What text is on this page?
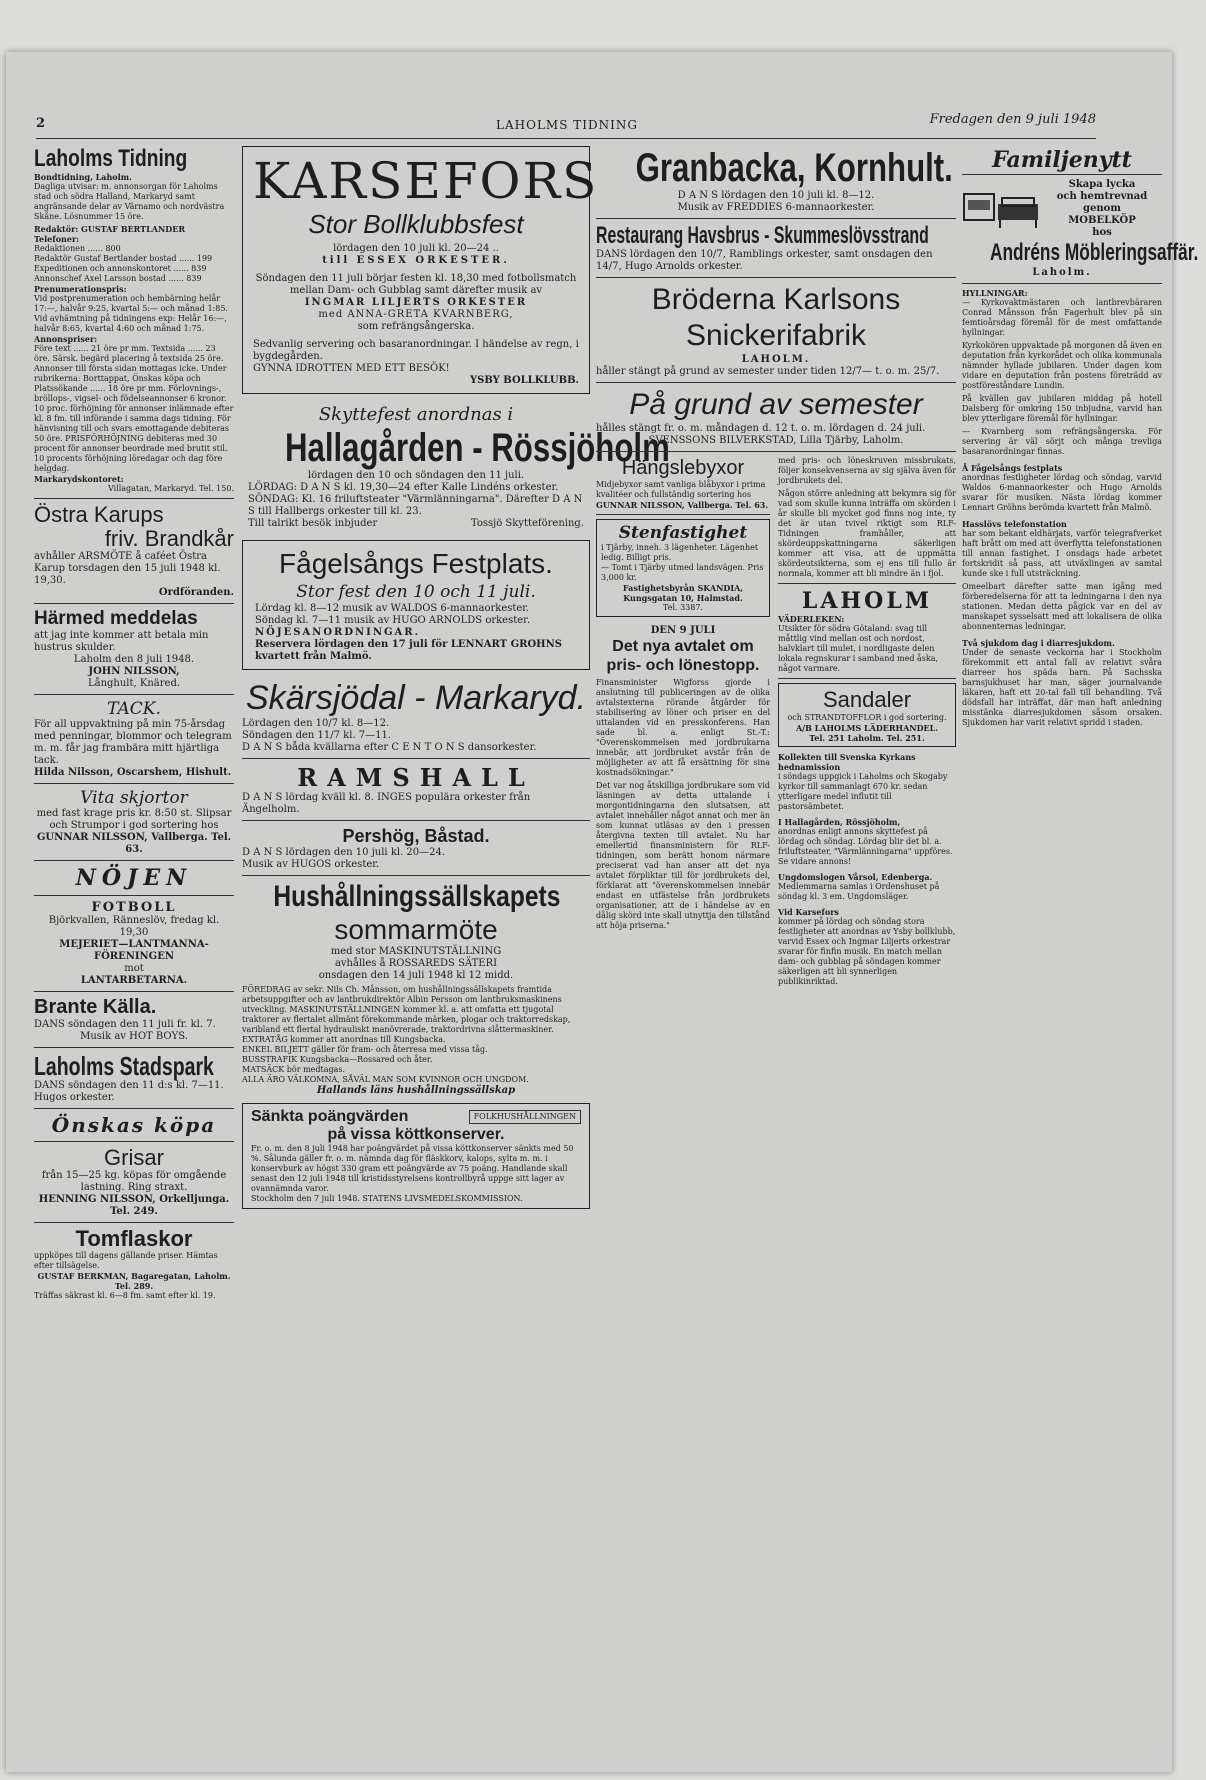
2	LAHOLMS TIDNING	Fredagen den 9 juli 1948
Laholms Tidning
Bondtidning, Laholm.
Dagliga utvisar: m. annonsorgan för Laholms stad och södra Halland, Markaryd samt angränsande delar av Värnamo och nordvästra Skåne. Lösnummer 15 öre.
Redaktör: GUSTAF BERTLANDER
Telefoner:
Redaktionen ...... 800
Redaktör Gustaf Bertlander bostad ...... 199
Expeditionen och annonskontoret ...... 839
Annonschef Axel Larsson bostad ...... 839
Prenumerationspris:
Vid postprenumeration och hembärning helår 17:—, halvår 9:25, kvartal 5:— och månad 1:85. Vid avhämtning på tidningens exp: Helår 16:—, halvår 8:65, kvartal 4:60 och månad 1:75.
Annonspriser:
Före text ...... 21 öre pr mm. Textsida ...... 23 öre. Särsk. begärd placering å textsida 25 öre. Annonser till första sidan mottagas icke. Under rubrikerna: Borttappat, Önskas köpa och Platssökande ...... 18 öre pr mm. Förlovnings-, bröllops-, vigsel- och födelseannonser 6 kronor. 10 proc. förhöjning för annonser inlämnade efter kl. 8 fm. till införande i samma dags tidning. För hänvisning till och svars emottagande debiteras 50 öre. PRISFÖRHÖJNING debiteras med 30 procent för annonser beordrade med brutit stil. 10 procents förhöjning löredagar och dag före helgdag.
Markarydskontoret:
Villagatan, Markaryd. Tel. 150.
Östra Karups
friv. Brandkår
avhåller ARSMÖTE å caféet Östra Karup torsdagen den 15 juli 1948 kl. 19,30.
Ordföranden.
Härmed meddelas
att jag inte kommer att betala min hustrus skulder.
Laholm den 8 juli 1948.
JOHN NILSSON,
Långhult, Knäred.
TACK.
För all uppvaktning på min 75-årsdag med penningar, blommor och telegram m. m. får jag frambära mitt hjärtliga tack.
Hilda Nilsson, Oscarshem, Hishult.
Vita skjortor
med fast krage pris kr. 8:50 st. Slipsar och Strumpor i god sortering hos
GUNNAR NILSSON, Vallberga. Tel. 63.
NÖJEN
FOTBOLL
Björkvallen, Ränneslöv, fredag kl. 19,30
MEJERIET—LANTMANNA-FÖRENINGEN
mot
LANTARBETARNA.
Brante Källa.
DANS söndagen den 11 juli fr. kl. 7.
Musik av HOT BOYS.
Laholms Stadspark
DANS söndagen den 11 d:s kl. 7—11. Hugos orkester.
Önskas köpa
Grisar
från 15—25 kg. köpas för omgående lastning. Ring straxt.
HENNING NILSSON, Orkelljunga. Tel. 249.
Tomflaskor
uppköpes till dagens gällande priser. Hämtas efter tillsägelse.
GUSTAF BERKMAN, Bagaregatan, Laholm. Tel. 289.
Träffas säkrast kl. 6—8 fm. samt efter kl. 19.
KARSEFORS
Stor Bollklubbsfest
lördagen den 10 juli kl. 20—24 ..
till ESSEX ORKESTER.
Söndagen den 11 juli börjar festen kl. 18,30 med fotbollsmatch mellan Dam- och Gubblag samt därefter musik av
INGMAR LILJERTS ORKESTER
med ANNA-GRETA KVARNBERG,
som refrängsångerska.
Sedvanlig servering och basaranordningar. I händelse av regn, i bygdegården.
GYNNA IDROTTEN MED ETT BESÖK!
YSBY BOLLKLUBB.
Skyttefest anordnas i
Hallagården - Rössjöholm
lördagen den 10 och söndagen den 11 juli.
LÖRDAG: D A N S kl. 19,30—24 efter Kalle Lindéns orkester.
SÖNDAG: Kl. 16 friluftsteater "Värmlänningarna". Därefter D A N S till Hallbergs orkester till kl. 23.
Till talrikt besök inbjuder	Tossjö Skytteförening.
Fågelsångs Festplats.
Stor fest den 10 och 11 juli.
Lördag kl. 8—12 musik av WALDOS 6-mannaorkester.
Söndag kl. 7—11 musik av HUGO ARNOLDS orkester.
NÖJESANORDNINGAR.
Reservera lördagen den 17 juli för LENNART GROHNS kvartett från Malmö.
Skärsjödal - Markaryd.
Lördagen den 10/7 kl. 8—12.
Söndagen den 11/7 kl. 7—11.
D A N S båda kvällarna efter C E N T O N S dansorkester.
RAMSHALL
D A N S lördag kväll kl. 8. INGES populära orkester från Ängelholm.
Pershög, Båstad.
D A N S lördagen den 10 juli kl. 20—24.
Musik av HUGOS orkester.
Hushållningssällskapets
sommarmöte
med stor MASKINUTSTÄLLNING
avhålles å ROSSAREDS SÄTERI
onsdagen den 14 juli 1948 kl 12 midd.
FÖREDRAG av sekr. Nils Ch. Månsson, om hushållningssällskapets framtida arbetsuppgifter och av lantbrukdirektör Albin Persson om lantbruksmaskinens utveckling. MASKINUTSTÄLLNINGEN kommer kl. a. att omfatta ett tjugotal traktorer av flertalet allmänt förekommande märken, plogar och traktorredskap, varibland ett flertal hydrauliskt manövrerade, traktordrivna slåttermaskiner. EXTRATÅG kommer att anordnas till Kungsbacka.
ENKEL BILJETT gäller för fram- och återresa med vissa tåg.
BUSSTRAFIK Kungsbacka—Rossared och åter.
MATSÄCK bör medtagas.
ALLA ÄRO VÄLKOMNA, SÅVÄL MAN SOM KVINNOR OCH UNGDOM.
Hallands läns hushållningssällskap
Sänkta poängvärden	FOLKHUSHÅLLNINGEN
på vissa köttkonserver.
Fr. o. m. den 8 juli 1948 har poängvärdet på vissa köttkonserver sänkts med 50 %. Sålunda gäller fr. o. m. nämnda dag för fläskkorv, kalops, sylta m. m. i konservburk av högst 330 gram ett poängvärde av 75 poäng. Handlande skall senast den 12 juli 1948 till kristidsstyrelsens kontrollbyrå uppge sitt lager av ovannämnda varor.
Stockholm den 7 juli 1948. STATENS LIVSMEDELSKOMMISSION.
Granbacka, Kornhult.
D A N S lördagen den 10 juli kl. 8—12.
Musik av FREDDIES 6-mannaorkester.
Restaurang Havsbrus - Skummeslövsstrand
DANS lördagen den 10/7, Ramblings orkester, samt onsdagen den 14/7, Hugo Arnolds orkester.
Bröderna Karlsons
Snickerifabrik
LAHOLM.
håller stängt på grund av semester under tiden 12/7— t. o. m. 25/7.
På grund av semester
hålles stängt fr. o. m. måndagen d. 12 t. o. m. lördagen d. 24 juli.
SVENSSONS BILVERKSTAD, Lilla Tjärby, Laholm.
Hängslebyxor
Midjebyxor samt vanliga blåbyxor i prima kvalitéer och fullständig sortering hos
GUNNAR NILSSON, Vallberga. Tel. 63.
Stenfastighet
i Tjärby, inneh. 3 lägenheter. Lägenhet ledig. Billigt pris.
— Tomt i Tjärby utmed landsvägen. Pris 3,000 kr.
Fastighetsbyrån SKANDIA,
Kungsgatan 10, Halmstad.
Tel. 3387.
DEN 9 JULI
Det nya avtalet om pris- och lönestopp.
Finansminister Wigforss gjorde i anslutning till publiceringen av de olika avtalstexterna rörande åtgärder för stabilisering av löner och priser en del uttalanden vid en presskonferens. Han sade bl. a. enligt St.-T.: "Överenskommelsen med jordbrukarna innebär, att jordbruket avstår från de möjligheter av att få ersättning för sina kostnadsökningar."
Det var nog åtskilliga jordbrukare som vid läsningen av detta uttalande i morgontidningarna den slutsatsen, att avtalet innehåller något annat och mer än som kunnat utläsas av den i pressen återgivna texten till avtalet. Nu har emellertid finansministern för RLF-tidningen, som berätt honom närmare preciserat vad han anser att det nya avtalet förpliktar till för jordbrukets del, förklarat att "överenskommelsen innebär endast en utfästelse från jordbrukets organisationer, att de i händelse av en dålig skörd inte skall utnyttja den tillstånd att höja priserna."
med pris- och löneskruven missbrukats, följer konsekvenserna av sig själva även för jordbrukets del.
Någon större anledning att bekymra sig för vad som skulle kunna inträffa om skörden i år skulle bli mycket god finns nog inte, ty det är utan tvivel riktigt som RLF-Tidningen framhåller, att skördeuppskattningarna säkerligen kommer att visa, att de uppmätta skördeutsikterna, som ej ens till fullo är normala, kommer att bli mindre än i fjol.
LAHOLM
VÄDERLEKEN:
Utsikter för södra Götaland: svag till måttlig vind mellan ost och nordost, halvklart till mulet, i nordligaste delen lokala regnskurar i samband med åska, något varmare.
Sandaler
och STRANDTOFFLOR i god sortering.
A/B LAHOLMS LÄDERHANDEL.
Tel. 251 Laholm. Tel. 251.
Kollekten till Svenska Kyrkans hednamission
i söndags uppgick i Laholms och Skogaby kyrkor till sammanlagt 670 kr. sedan ytterligare medel influtit till pastorsämbetet.
I Hallagården, Rössjöholm,
anordnas enligt annons skyttefest på lördag och söndag. Lördag blir det bl. a. friluftsteater, "Värmlänningarna" uppföres. Se vidare annons!
Ungdomslogen Vårsol, Edenberga.
Medlemmarna samlas i Ordenshuset på söndag kl. 3 em. Ungdomsläger.
Vid Karsefors
kommer på lördag och söndag stora festligheter att anordnas av Ysby bollklubb, varvid Essex och Ingmar Liljerts orkestrar svarar för finfin musik. En match mellan dam- och gubblag på söndagen kommer säkerligen att bli synnerligen publikinriktad.
Familjenytt
Skapa lycka
och hemtrevnad
genom
MOBELKÖP
hos
Andréns Möbleringsaffär.
Laholm.
HYLLNINGAR:
— Kyrkovaktmästaren och lantbrevbäraren Conrad Månsson från Fagerhult blev på sin femtioårsdag föremål för de mest omfattande hyllningar.
Kyrkokören uppvaktade på morgonen då även en deputation från kyrkorådet och olika kommunala nämnder hyllade jubilaren. Under dagen kom vidare en deputation från postens företrädd av postföreståndare Lundin.
På kvällen gav jubilaren middag på hotell Dalsberg för omkring 150 inbjudna, varvid han blev ytterligare föremål för hyllningar.
— Kvarnberg som refrängsångerska. För servering är väl sörjt och många trevliga basaranordningar finnas.
Å Fågelsångs festplats
anordnas festligheter lördag och söndag, varvid Waldos 6-mannaorkester och Hugo Arnolds svarar för musiken. Nästa lördag kommer Lennart Gröhns berömda kvartett från Malmö.
Hasslövs telefonstation
har som bekant eldhärjats, varför telegrafverket haft brått om med att överflytta telefonstationen till annan fastighet. I onsdags hade arbetet fortskridit så pass, att utväxlingen av samtal kunde ske i full utsträckning.
Omeelbart därefter satte man igång med förberedelserna för att ta ledningarna i den nya stationen. Medan detta pågick var en del av manskapet sysselsatt med att lokalisera de olika abonnenternas ledningar.
Två sjukdom dag i diarresjukdom.
Under de senaste veckorna har i Stockholm förekommit ett antal fall av relativt svåra diarreer hos späda barn. På Sachsska barnsjukhuset har man, säger journalvande läkaren, haft ett 20-tal fall till behandling. Två dödsfall har inträffat, där man haft anledning misstänka diarresjukdomen såsom orsaken. Sjukdomen har varit relativt spridd i staden.
